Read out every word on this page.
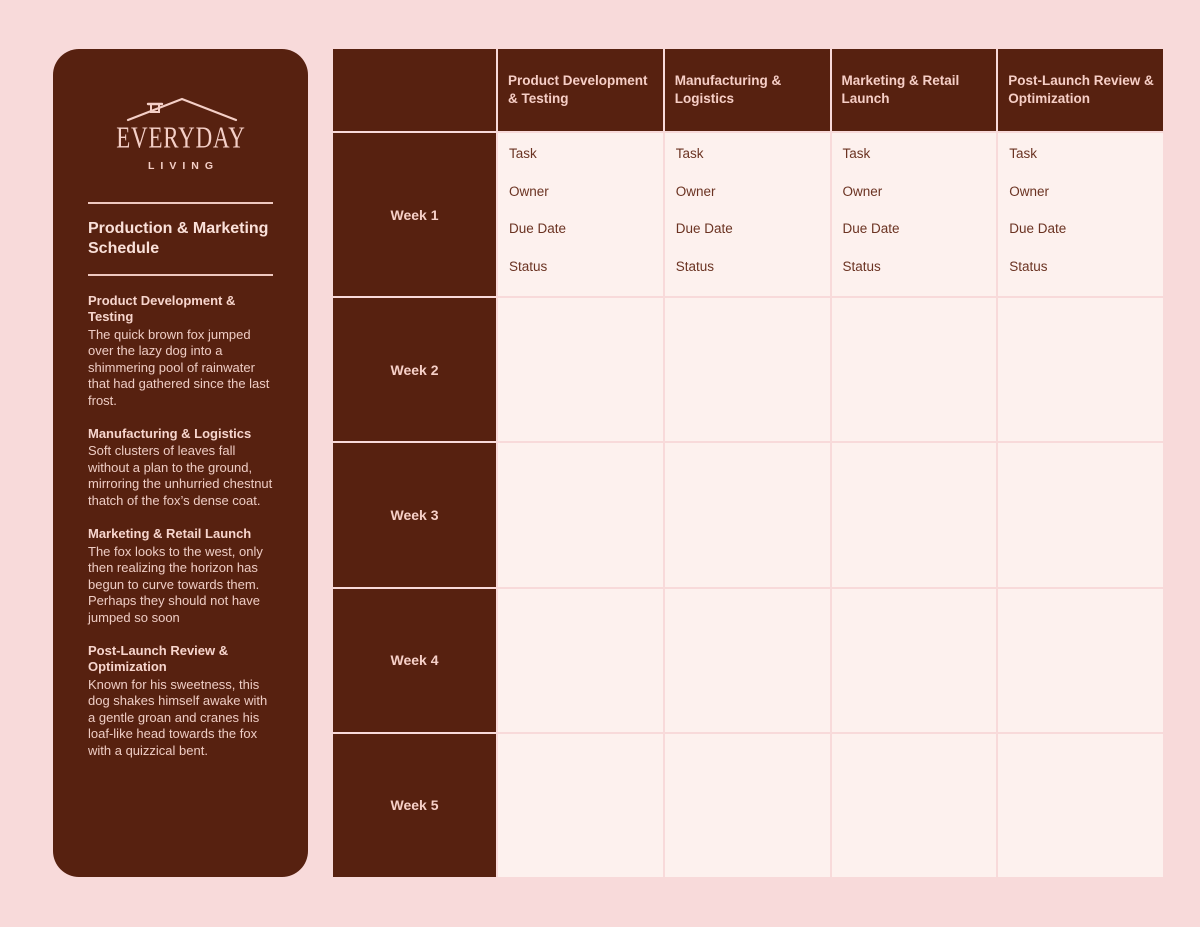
EVERYDAY
LIVING
Production & Marketing Schedule
Product Development & Testing
The quick brown fox jumped over the lazy dog into a shimmering pool of rainwater that had gathered since the last frost.
Manufacturing & Logistics
Soft clusters of leaves fall without a plan to the ground, mirroring the unhurried chestnut thatch of the fox’s dense coat.
Marketing & Retail Launch
The fox looks to the west, only then realizing the horizon has begun to curve towards them. Perhaps they should not have jumped so soon
Post-Launch Review & Optimization
Known for his sweetness, this dog shakes himself awake with a gentle groan and cranes his loaf-like head towards the fox with a quizzical bent.
Product Development & Testing
Manufacturing & Logistics
Marketing & Retail Launch
Post-Launch Review & Optimization
Week 1
Task
Owner
Due Date
Status
Task
Owner
Due Date
Status
Task
Owner
Due Date
Status
Task
Owner
Due Date
Status
Week 2
Week 3
Week 4
Week 5
